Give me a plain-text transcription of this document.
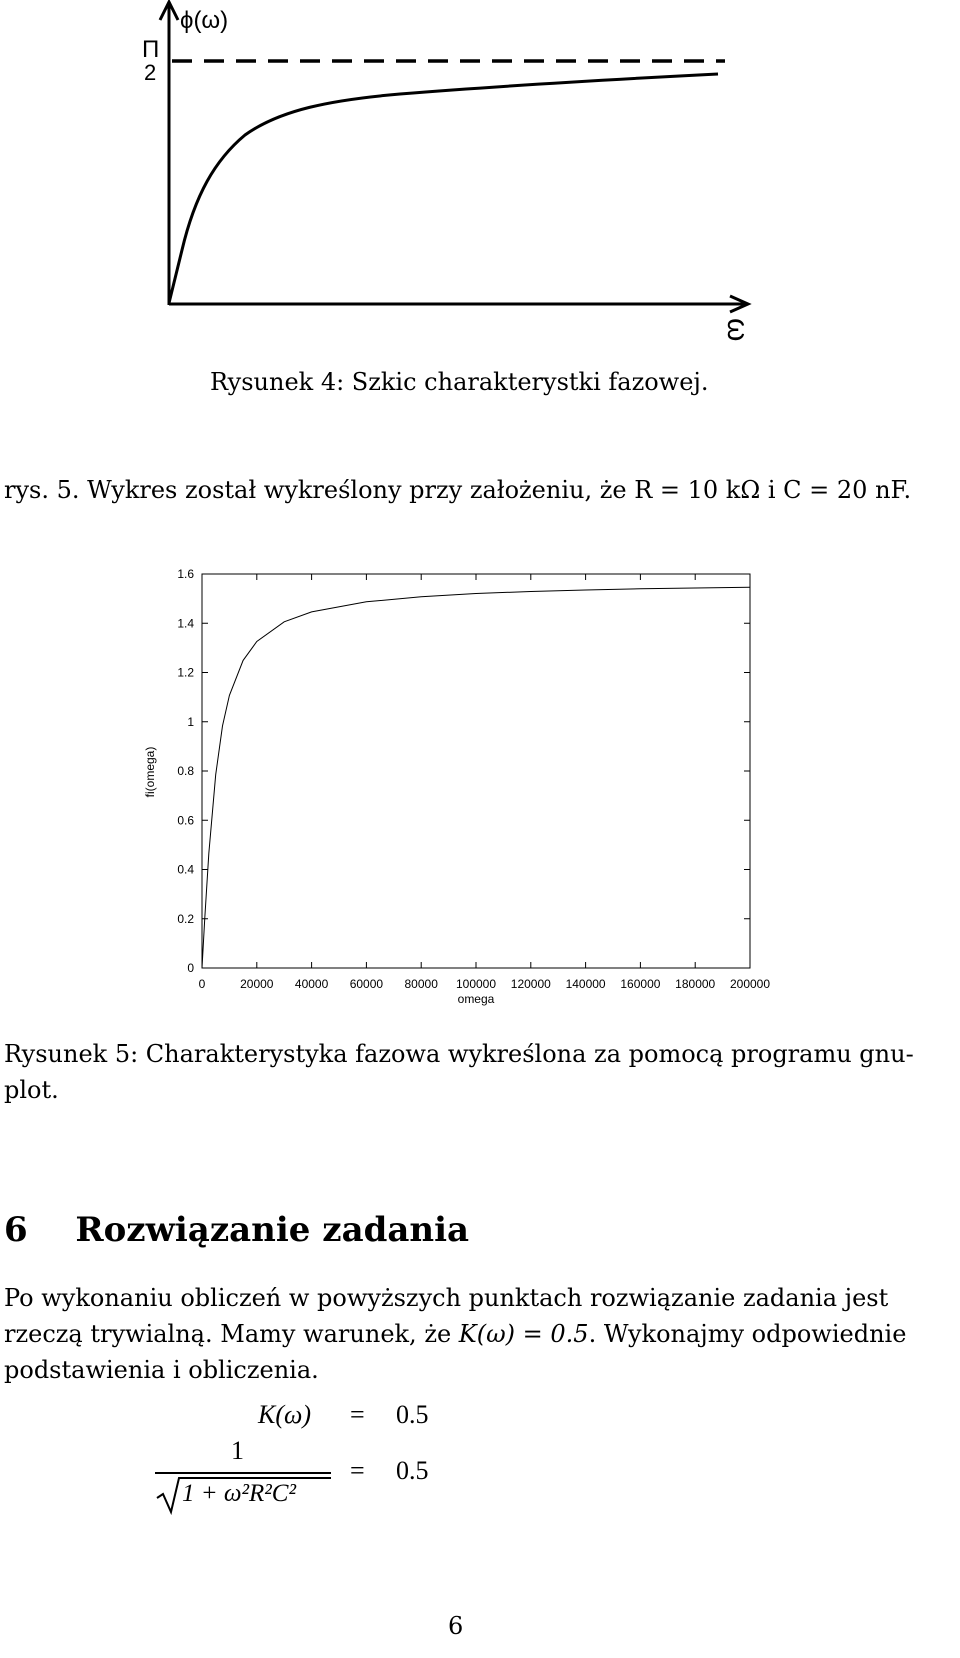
ϕ(ω)
Π
2
ω
Rysunek 4: Szkic charakterystki fazowej.
rys. 5. Wykres został wykreślony przy założeniu, że R = 10 kΩ i C = 20 nF.
0
0.2
0.4
0.6
0.8
1
1.2
1.4
1.6
0	20000 40000 60000 80000 100000 120000 140000 160000 180000 200000
fi(omega)
omega
Rysunek 5: Charakterystyka fazowa wykreślona za pomocą programu gnu-
plot.
6 Rozwiązanie zadania
Po wykonaniu obliczeń w powyższych punktach rozwiązanie zadania jest
rzeczą trywialną. Mamy warunek, że K(ω) = 0.5. Wykonajmy odpowiednie
podstawienia i obliczenia.
K(ω) = 0.5
1
1 + ω²R²C²
= 0.5
6
